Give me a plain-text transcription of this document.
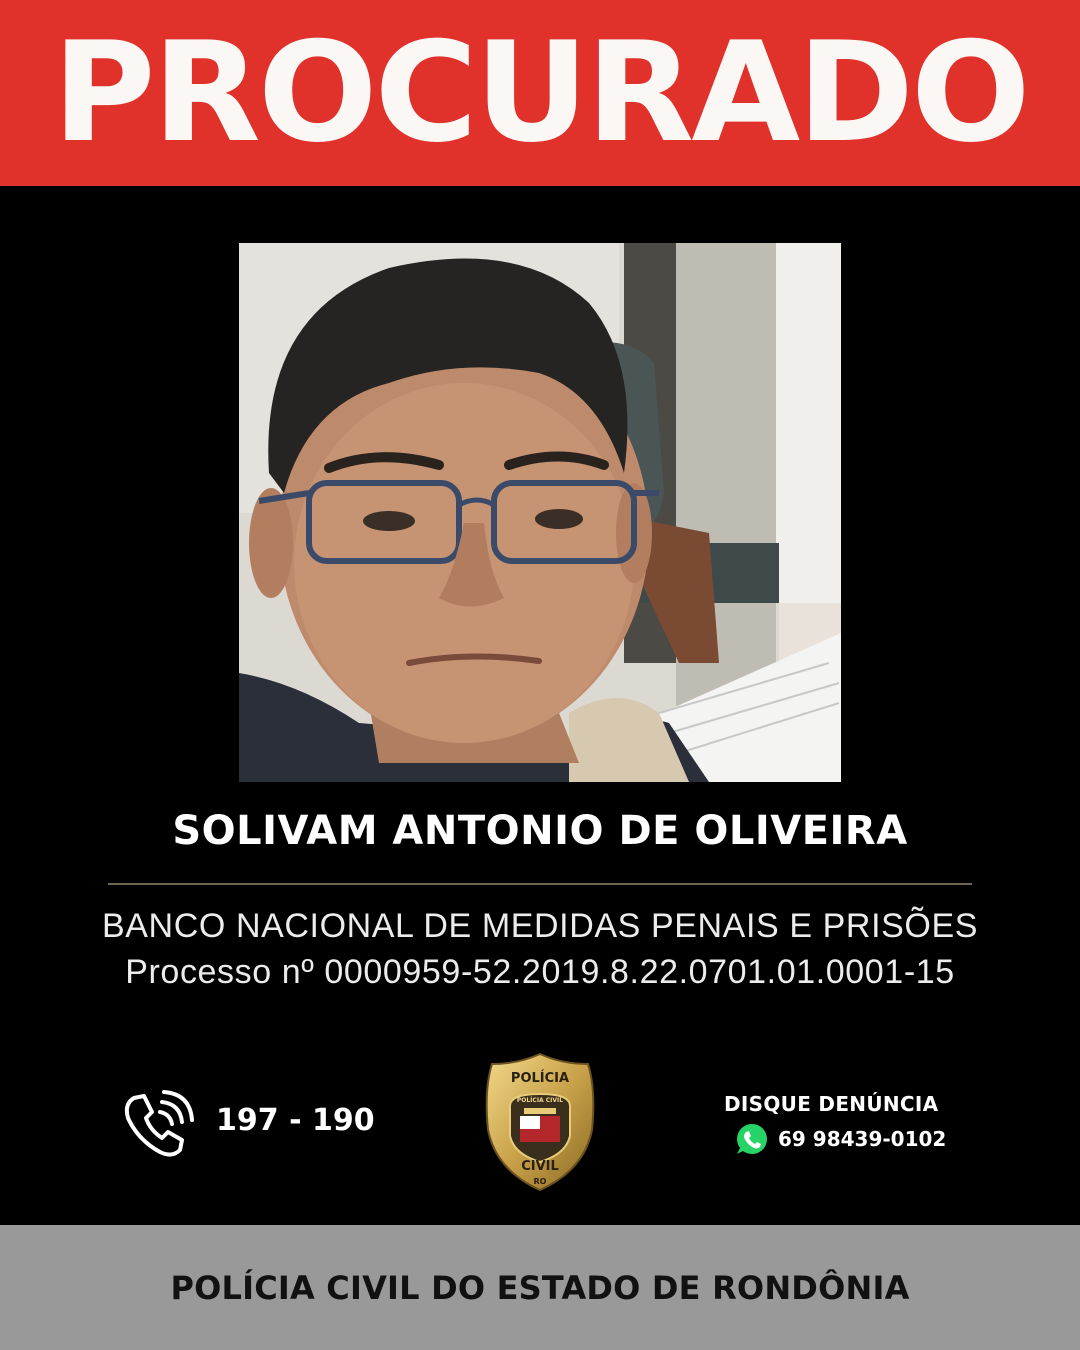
PROCURADO
SOLIVAM ANTONIO DE OLIVEIRA
BANCO NACIONAL DE MEDIDAS PENAIS E PRISÕES
Processo nº 0000959-52.2019.8.22.0701.01.0001-15
197 - 190
POLÍCIA
POLÍCIA CIVIL
CIVIL
RO
DISQUE DENÚNCIA
69 98439-0102
POLÍCIA CIVIL DO ESTADO DE RONDÔNIA
